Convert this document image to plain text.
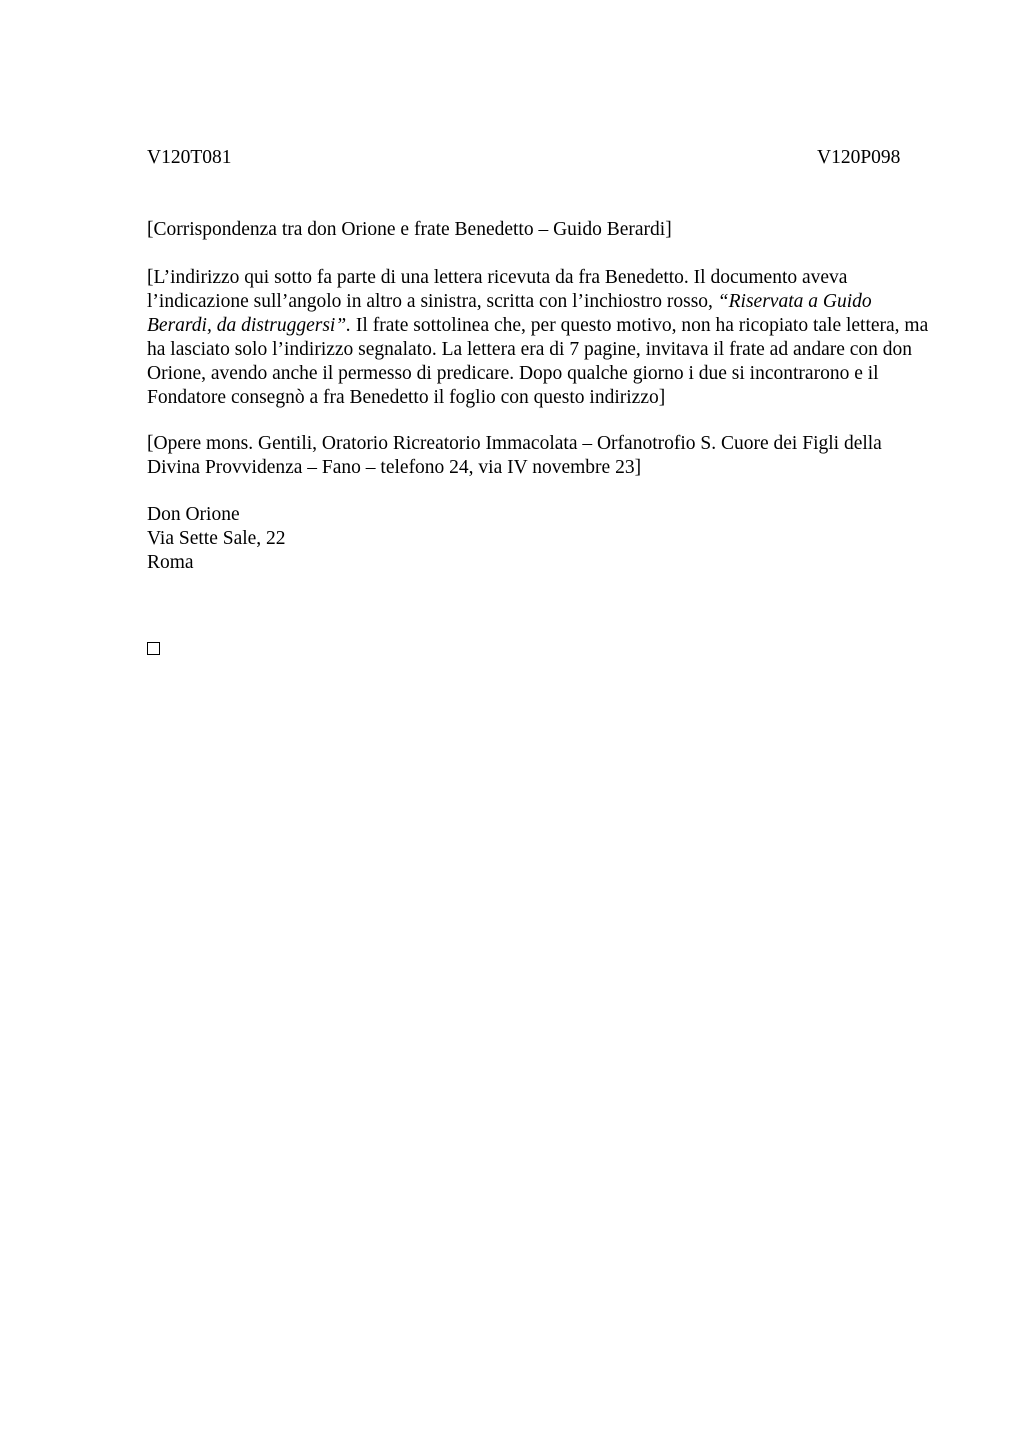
V120T081	V120P098

[Corrispondenza tra don Orione e frate Benedetto – Guido Berardi]

[L’indirizzo qui sotto fa parte di una lettera ricevuta da fra Benedetto. Il documento aveva l’indicazione sull’angolo in altro a sinistra, scritta con l’inchiostro rosso, “Riservata a Guido Berardi, da distruggersi”. Il frate sottolinea che, per questo motivo, non ha ricopiato tale lettera, ma ha lasciato solo l’indirizzo segnalato. La lettera era di 7 pagine, invitava il frate ad andare con don Orione, avendo anche il permesso di predicare. Dopo qualche giorno i due si incontrarono e il Fondatore consegnò a fra Benedetto il foglio con questo indirizzo]

[Opere mons. Gentili, Oratorio Ricreatorio Immacolata – Orfanotrofio S. Cuore dei Figli della Divina Provvidenza – Fano – telefono 24, via IV novembre 23]

Don Orione
Via Sette Sale, 22
Roma
